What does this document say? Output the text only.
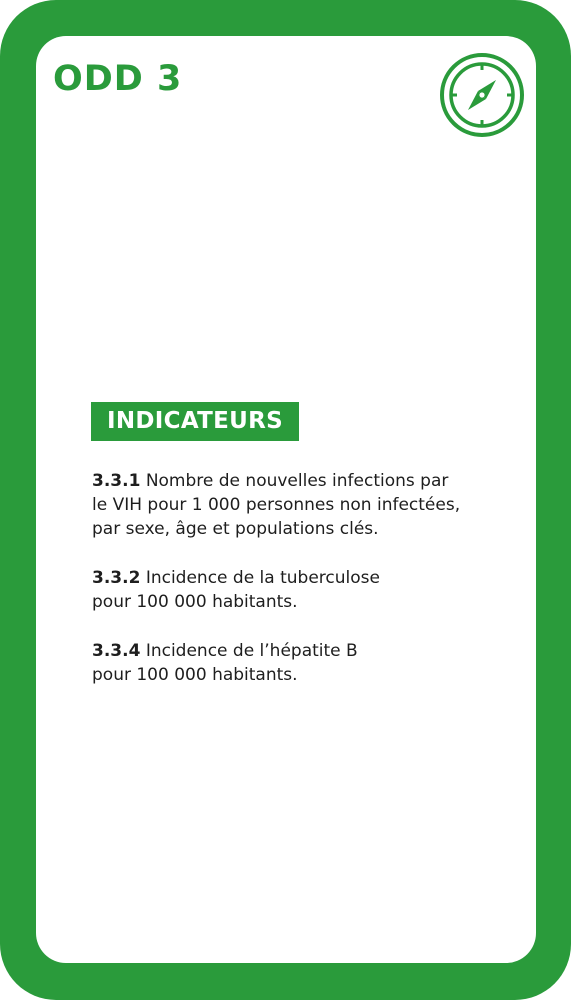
ODD 3
INDICATEURS
3.3.1 Nombre de nouvelles infections par
le VIH pour 1 000 personnes non infectées,
par sexe, âge et populations clés.
3.3.2 Incidence de la tuberculose
pour 100 000 habitants.
3.3.4 Incidence de l’hépatite B
pour 100 000 habitants.
